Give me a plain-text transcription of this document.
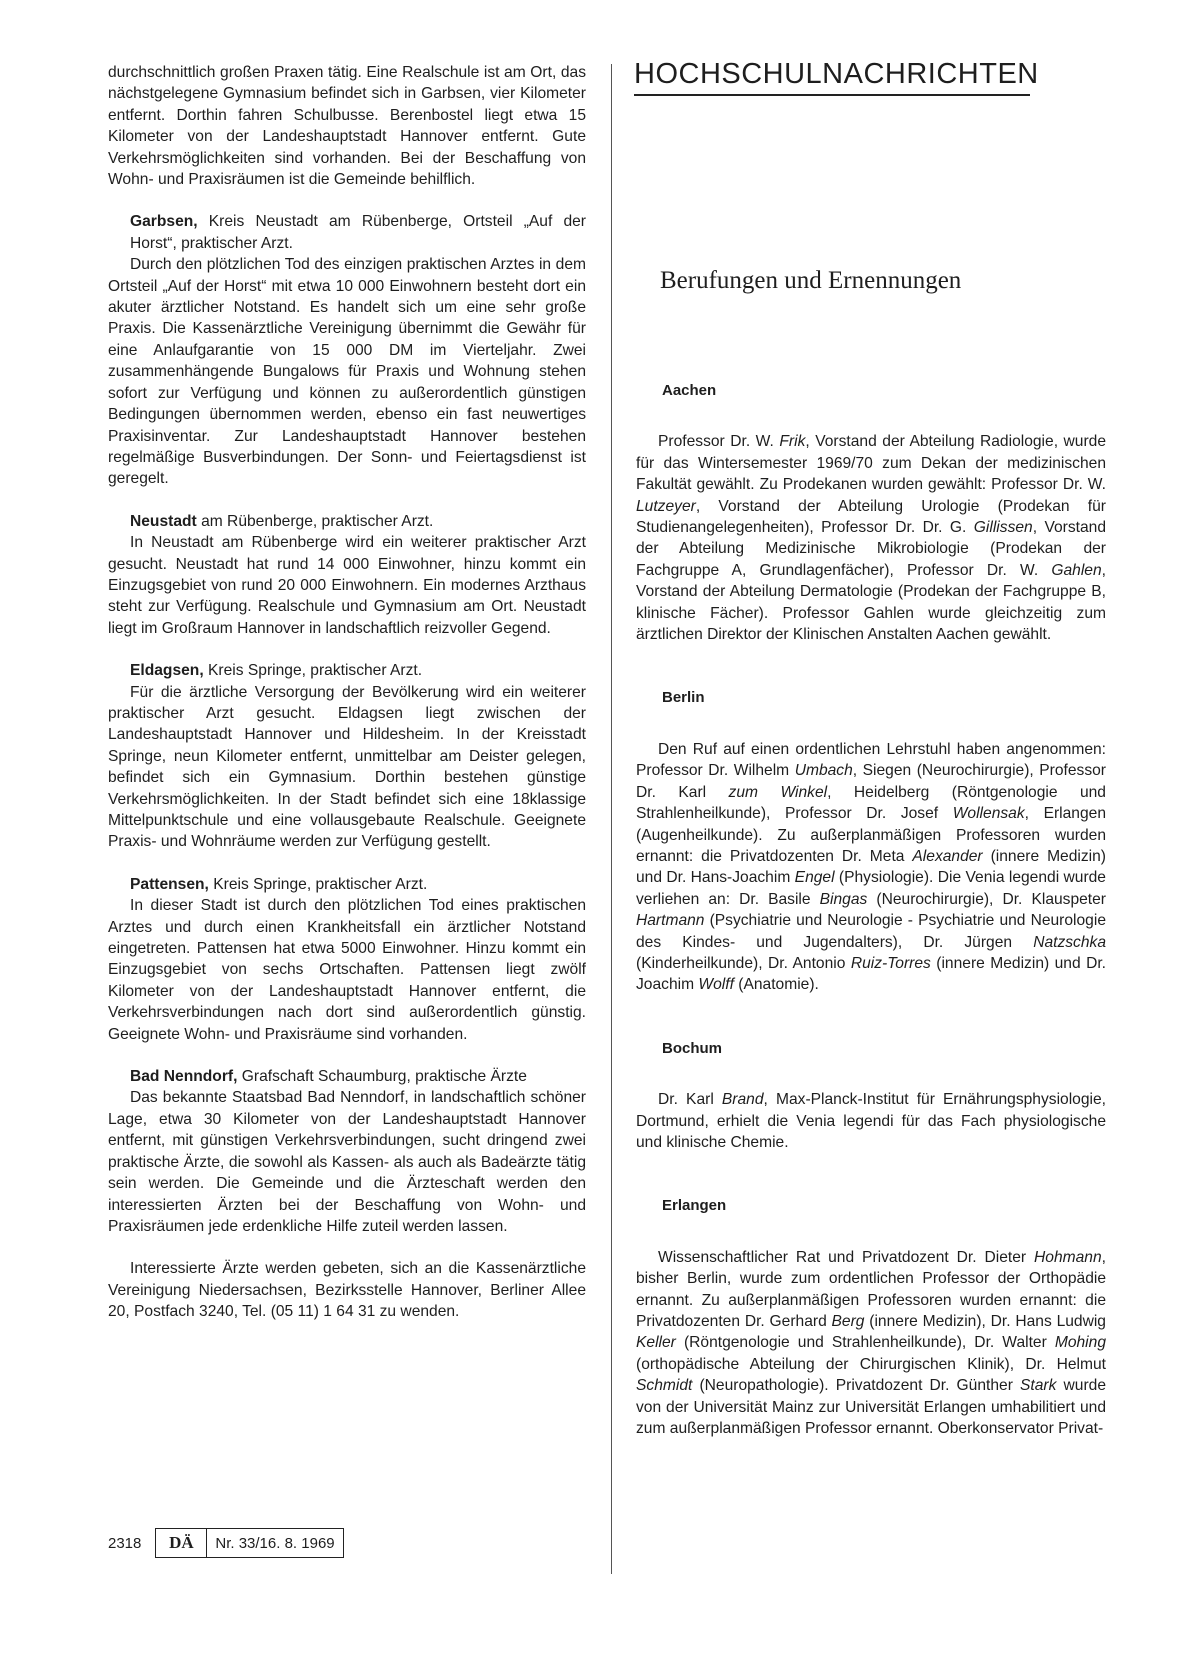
HOCHSCHULNACHRICHTEN
Berufungen und Ernennungen

durchschnittlich großen Praxen tätig. Eine Realschule ist am Ort, das nächstgelegene Gymnasium befindet sich in Garbsen, vier Kilometer entfernt. Dorthin fahren Schulbusse. Berenbostel liegt etwa 15 Kilometer von der Landeshauptstadt Hannover entfernt. Gute Verkehrsmöglichkeiten sind vorhanden. Bei der Beschaffung von Wohn- und Praxisräumen ist die Gemeinde behilflich.

Garbsen, Kreis Neustadt am Rübenberge, Ortsteil „Auf der Horst“, praktischer Arzt.

Durch den plötzlichen Tod des einzigen praktischen Arztes in dem Ortsteil „Auf der Horst“ mit etwa 10 000 Einwohnern besteht dort ein akuter ärztlicher Notstand. Es handelt sich um eine sehr große Praxis. Die Kassenärztliche Vereinigung übernimmt die Gewähr für eine Anlaufgarantie von 15 000 DM im Vierteljahr. Zwei zusammenhängende Bungalows für Praxis und Wohnung stehen sofort zur Verfügung und können zu außerordentlich günstigen Bedingungen übernommen werden, ebenso ein fast neuwertiges Praxisinventar. Zur Landeshauptstadt Hannover bestehen regelmäßige Busverbindungen. Der Sonn- und Feiertagsdienst ist geregelt.

Neustadt am Rübenberge, praktischer Arzt.

In Neustadt am Rübenberge wird ein weiterer praktischer Arzt gesucht. Neustadt hat rund 14 000 Einwohner, hinzu kommt ein Einzugsgebiet von rund 20 000 Einwohnern. Ein modernes Arzthaus steht zur Verfügung. Realschule und Gymnasium am Ort. Neustadt liegt im Großraum Hannover in landschaftlich reizvoller Gegend.

Eldagsen, Kreis Springe, praktischer Arzt.

Für die ärztliche Versorgung der Bevölkerung wird ein weiterer praktischer Arzt gesucht. Eldagsen liegt zwischen der Landeshauptstadt Hannover und Hildesheim. In der Kreisstadt Springe, neun Kilometer entfernt, unmittelbar am Deister gelegen, befindet sich ein Gymnasium. Dorthin bestehen günstige Verkehrsmöglichkeiten. In der Stadt befindet sich eine 18klassige Mittelpunktschule und eine vollausgebaute Realschule. Geeignete Praxis- und Wohnräume werden zur Verfügung gestellt.

Pattensen, Kreis Springe, praktischer Arzt.

In dieser Stadt ist durch den plötzlichen Tod eines praktischen Arztes und durch einen Krankheitsfall ein ärztlicher Notstand eingetreten. Pattensen hat etwa 5000 Einwohner. Hinzu kommt ein Einzugsgebiet von sechs Ortschaften. Pattensen liegt zwölf Kilometer von der Landeshauptstadt Hannover entfernt, die Verkehrsverbindungen nach dort sind außerordentlich günstig. Geeignete Wohn- und Praxisräume sind vorhanden.

Bad Nenndorf, Grafschaft Schaumburg, praktische Ärzte

Das bekannte Staatsbad Bad Nenndorf, in landschaftlich schöner Lage, etwa 30 Kilometer von der Landeshauptstadt Hannover entfernt, mit günstigen Verkehrsverbindungen, sucht dringend zwei praktische Ärzte, die sowohl als Kassen- als auch als Badeärzte tätig sein werden. Die Gemeinde und die Ärzteschaft werden den interessierten Ärzten bei der Beschaffung von Wohn- und Praxisräumen jede erdenkliche Hilfe zuteil werden lassen.

Interessierte Ärzte werden gebeten, sich an die Kassenärztliche Vereinigung Niedersachsen, Bezirksstelle Hannover, Berliner Allee 20, Postfach 3240, Tel. (05 11) 1 64 31 zu wenden.

Aachen

Professor Dr. W. Frik, Vorstand der Abteilung Radiologie, wurde für das Wintersemester 1969/70 zum Dekan der medizinischen Fakultät gewählt. Zu Prodekanen wurden gewählt: Professor Dr. W. Lutzeyer, Vorstand der Abteilung Urologie (Prodekan für Studienangelegenheiten), Professor Dr. Dr. G. Gillissen, Vorstand der Abteilung Medizinische Mikrobiologie (Prodekan der Fachgruppe A, Grundlagenfächer), Professor Dr. W. Gahlen, Vorstand der Abteilung Dermatologie (Prodekan der Fachgruppe B, klinische Fächer). Professor Gahlen wurde gleichzeitig zum ärztlichen Direktor der Klinischen Anstalten Aachen gewählt.

Berlin

Den Ruf auf einen ordentlichen Lehrstuhl haben angenommen: Professor Dr. Wilhelm Umbach, Siegen (Neurochirurgie), Professor Dr. Karl zum Winkel, Heidelberg (Röntgenologie und Strahlenheilkunde), Professor Dr. Josef Wollensak, Erlangen (Augenheilkunde). Zu außerplanmäßigen Professoren wurden ernannt: die Privatdozenten Dr. Meta Alexander (innere Medizin) und Dr. Hans-Joachim Engel (Physiologie). Die Venia legendi wurde verliehen an: Dr. Basile Bingas (Neurochirurgie), Dr. Klauspeter Hartmann (Psychiatrie und Neurologie - Psychiatrie und Neurologie des Kindes- und Jugendalters), Dr. Jürgen Natzschka (Kinderheilkunde), Dr. Antonio Ruiz-Torres (innere Medizin) und Dr. Joachim Wolff (Anatomie).

Bochum

Dr. Karl Brand, Max-Planck-Institut für Ernährungsphysiologie, Dortmund, erhielt die Venia legendi für das Fach physiologische und klinische Chemie.

Erlangen

Wissenschaftlicher Rat und Privatdozent Dr. Dieter Hohmann, bisher Berlin, wurde zum ordentlichen Professor der Orthopädie ernannt. Zu außerplanmäßigen Professoren wurden ernannt: die Privatdozenten Dr. Gerhard Berg (innere Medizin), Dr. Hans Ludwig Keller (Röntgenologie und Strahlenheilkunde), Dr. Walter Mohing (orthopädische Abteilung der Chirurgischen Klinik), Dr. Helmut Schmidt (Neuropathologie). Privatdozent Dr. Günther Stark wurde von der Universität Mainz zur Universität Erlangen umhabilitiert und zum außerplanmäßigen Professor ernannt. Oberkonservator Privat-

2318	DÄ	Nr. 33/16. 8. 1969
